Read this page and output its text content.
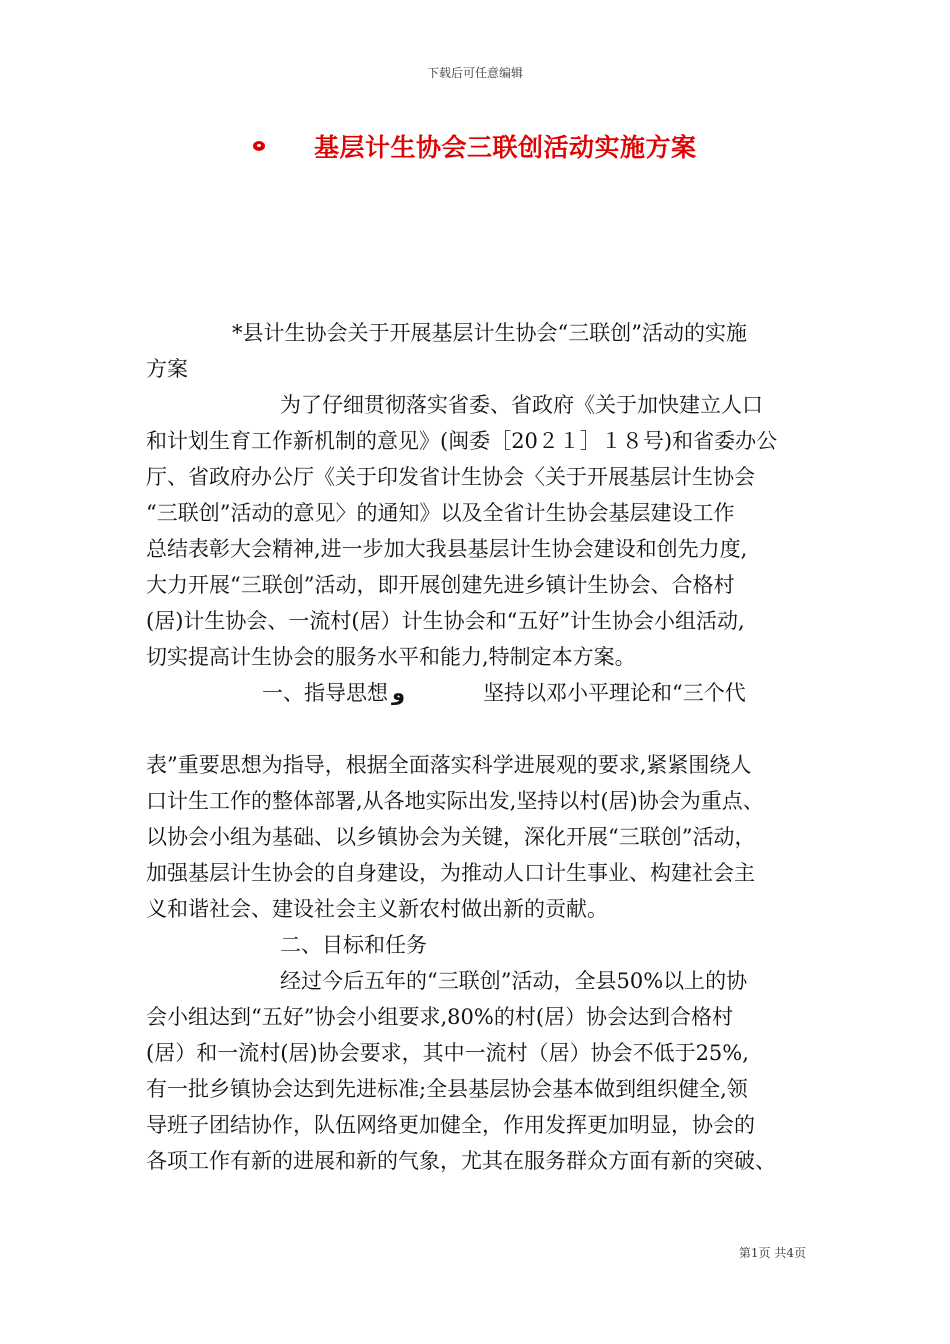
下载后可任意编辑
基层计生协会三联创活动实施方案
*县计生协会关于开展基层计生协会“三联创”活动的实施
方案
为了仔细贯彻落实省委、省政府《关于加快建立人口
和计划生育工作新机制的意见》(闽委［20２１］１８号)和省委办公
厅、省政府办公厅《关于印发省计生协会〈关于开展基层计生协会
“三联创”活动的意见〉的通知》以及全省计生协会基层建设工作
总结表彰大会精神,进一步加大我县基层计生协会建设和创先力度,
大力开展“三联创”活动，即开展创建先进乡镇计生协会、合格村
(居)计生协会、一流村(居）计生协会和“五好”计生协会小组活动,
切实提高计生协会的服务水平和能力,特制定本方案。
一、指导思想 و	坚持以邓小平理论和“三个代
表”重要思想为指导，根据全面落实科学进展观的要求,紧紧围绕人
口计生工作的整体部署,从各地实际出发,坚持以村(居)协会为重点、
以协会小组为基础、以乡镇协会为关键，深化开展“三联创”活动，
加强基层计生协会的自身建设，为推动人口计生事业、构建社会主
义和谐社会、建设社会主义新农村做出新的贡献。
二、目标和任务
经过今后五年的“三联创”活动，全县50%以上的协
会小组达到“五好”协会小组要求,80%的村(居）协会达到合格村
(居）和一流村(居)协会要求，其中一流村（居）协会不低于25%,
有一批乡镇协会达到先进标准;全县基层协会基本做到组织健全,领
导班子团结协作，队伍网络更加健全，作用发挥更加明显，协会的
各项工作有新的进展和新的气象，尤其在服务群众方面有新的突破、
第1页 共4页
